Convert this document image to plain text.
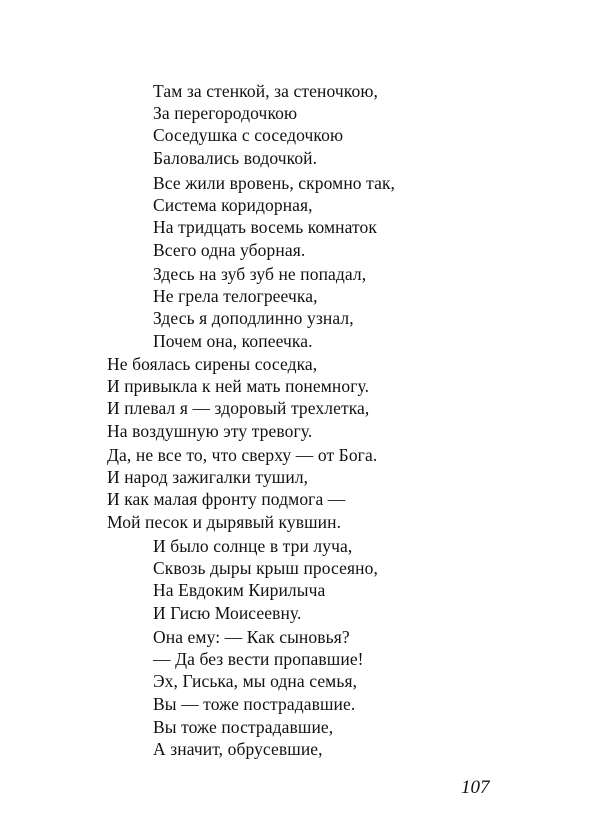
Там за стенкой, за стеночкою,
За перегородочкою
Соседушка с соседочкою
Баловались водочкой.
Все жили вровень, скромно так,
Система коридорная,
На тридцать восемь комнаток
Всего одна уборная.
Здесь на зуб зуб не попадал,
Не грела телогреечка,
Здесь я доподлинно узнал,
Почем она, копеечка.
Не боялась сирены соседка,
И привыкла к ней мать понемногу.
И плевал я — здоровый трехлетка,
На воздушную эту тревогу.
Да, не все то, что сверху — от Бога.
И народ зажигалки тушил,
И как малая фронту подмога —
Мой песок и дырявый кувшин.
И было солнце в три луча,
Сквозь дыры крыш просеяно,
На Евдоким Кирилыча
И Гисю Моисеевну.
Она ему: — Как сыновья?
— Да без вести пропавшие!
Эх, Гиська, мы одна семья,
Вы — тоже пострадавшие.
Вы тоже пострадавшие,
А значит, обрусевшие,
107
